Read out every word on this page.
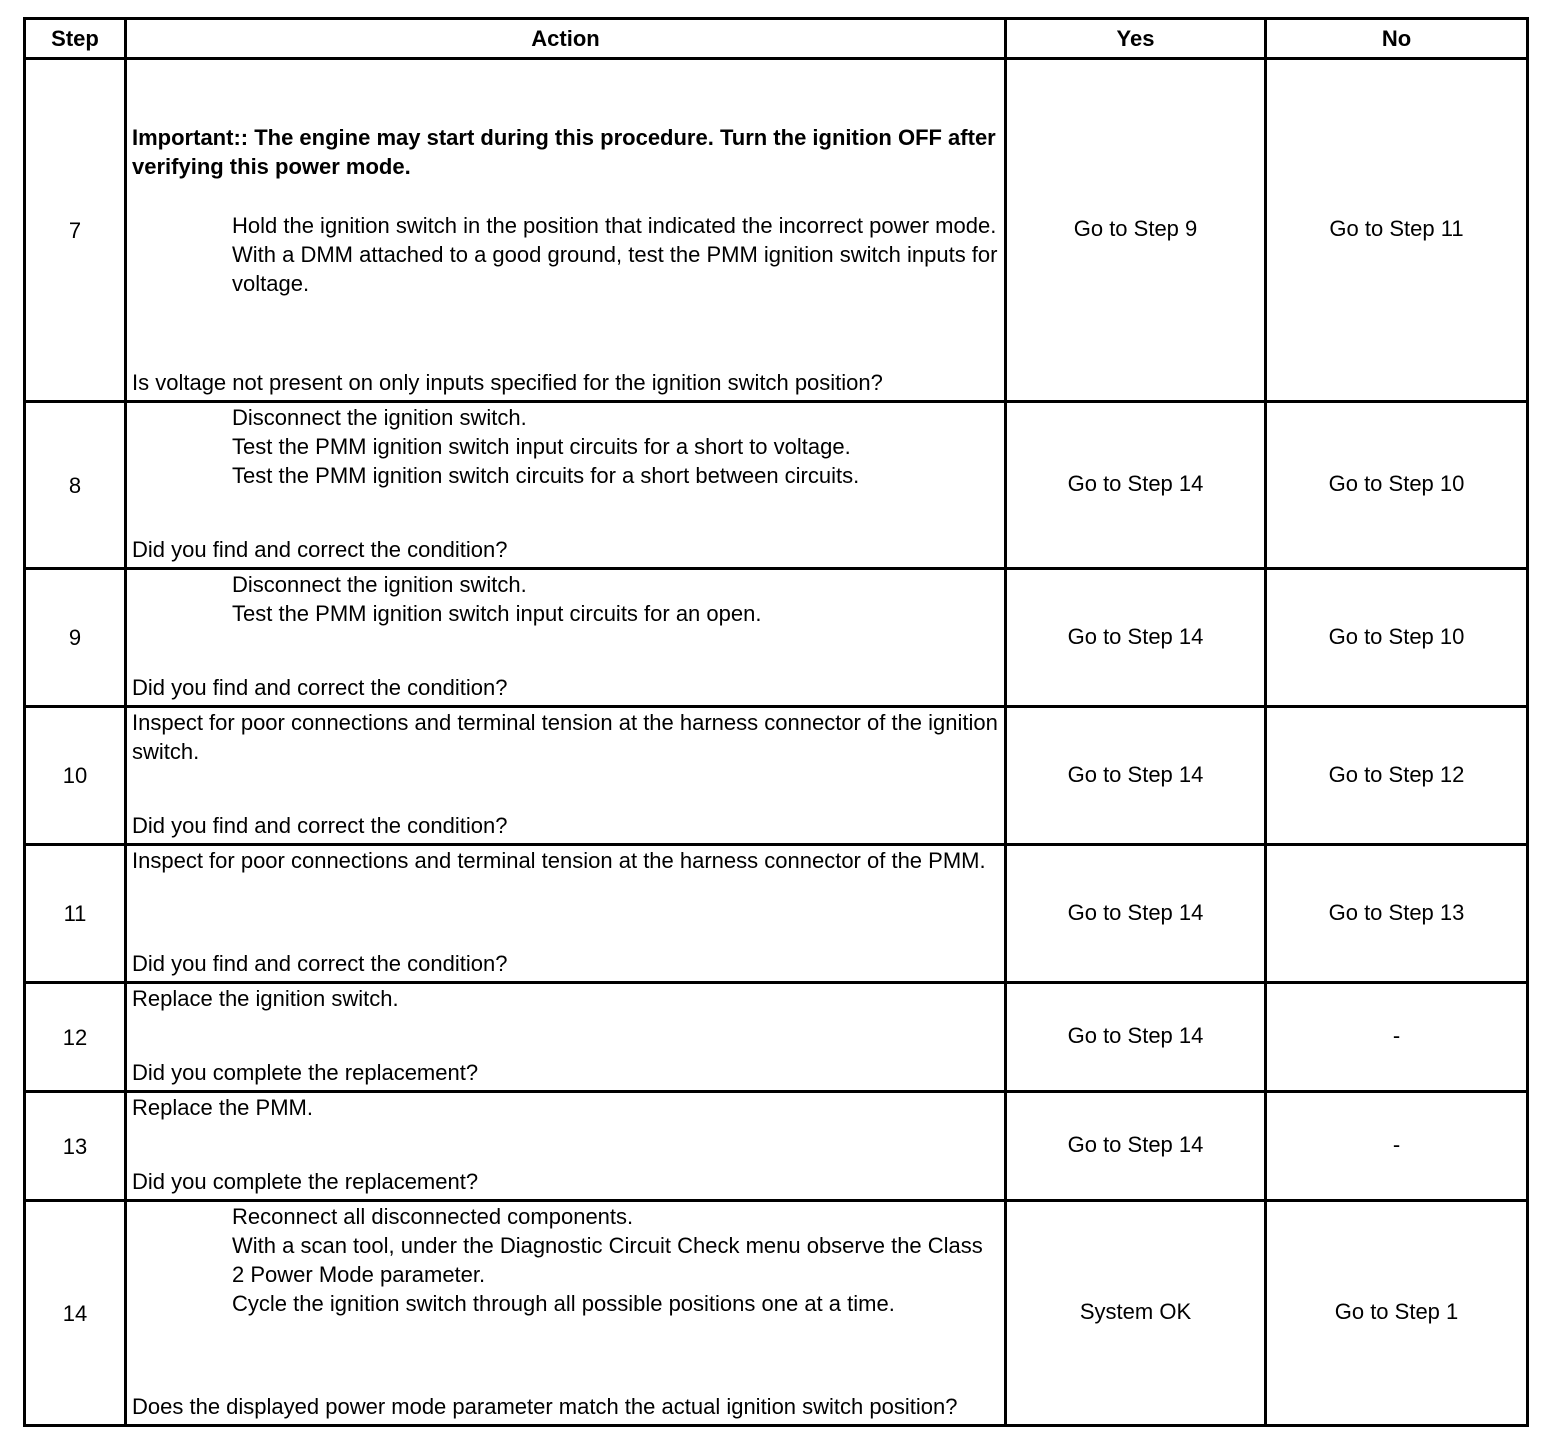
Step	Action	Yes	No
7	Important:: The engine may start during this procedure. Turn the ignition OFF after verifying this power mode.
Hold the ignition switch in the position that indicated the incorrect power mode.
With a DMM attached to a good ground, test the PMM ignition switch inputs for voltage.
Is voltage not present on only inputs specified for the ignition switch position?	Go to Step 9	Go to Step 11
8	Disconnect the ignition switch.
Test the PMM ignition switch input circuits for a short to voltage.
Test the PMM ignition switch circuits for a short between circuits.
Did you find and correct the condition?	Go to Step 14	Go to Step 10
9	Disconnect the ignition switch.
Test the PMM ignition switch input circuits for an open.
Did you find and correct the condition?	Go to Step 14	Go to Step 10
10	Inspect for poor connections and terminal tension at the harness connector of the ignition switch.
Did you find and correct the condition?	Go to Step 14	Go to Step 12
11	Inspect for poor connections and terminal tension at the harness connector of the PMM.
Did you find and correct the condition?	Go to Step 14	Go to Step 13
12	Replace the ignition switch.
Did you complete the replacement?	Go to Step 14	-
13	Replace the PMM.
Did you complete the replacement?	Go to Step 14	-
14	Reconnect all disconnected components.
With a scan tool, under the Diagnostic Circuit Check menu observe the Class 2 Power Mode parameter.
Cycle the ignition switch through all possible positions one at a time.
Does the displayed power mode parameter match the actual ignition switch position?	System OK	Go to Step 1
